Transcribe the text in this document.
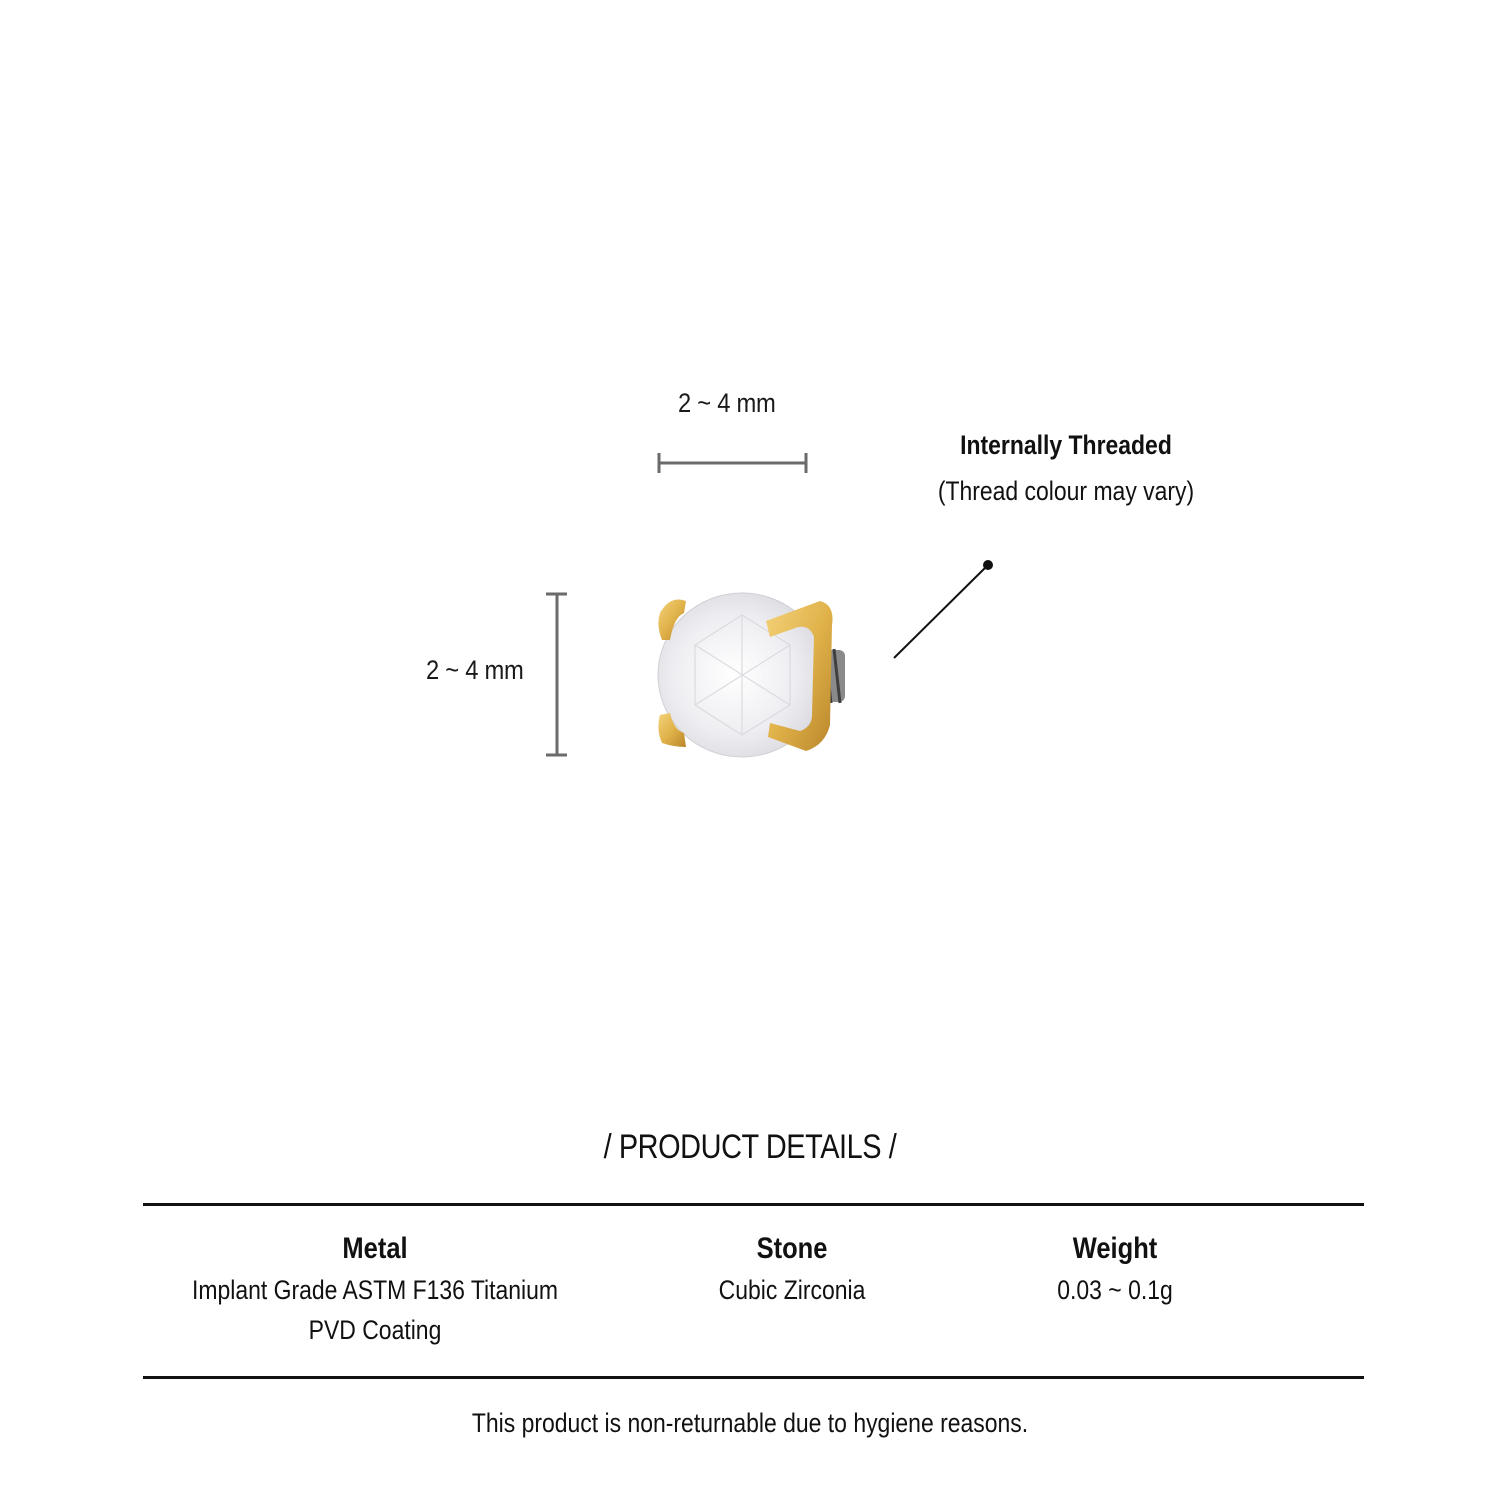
2 ~ 4 mm
2 ~ 4 mm
Internally Threaded
(Thread colour may vary)
/ PRODUCT DETAILS /
Metal
Implant Grade ASTM F136 Titanium
PVD Coating
Stone
Cubic Zirconia
Weight
0.03 ~ 0.1g
This product is non-returnable due to hygiene reasons.
